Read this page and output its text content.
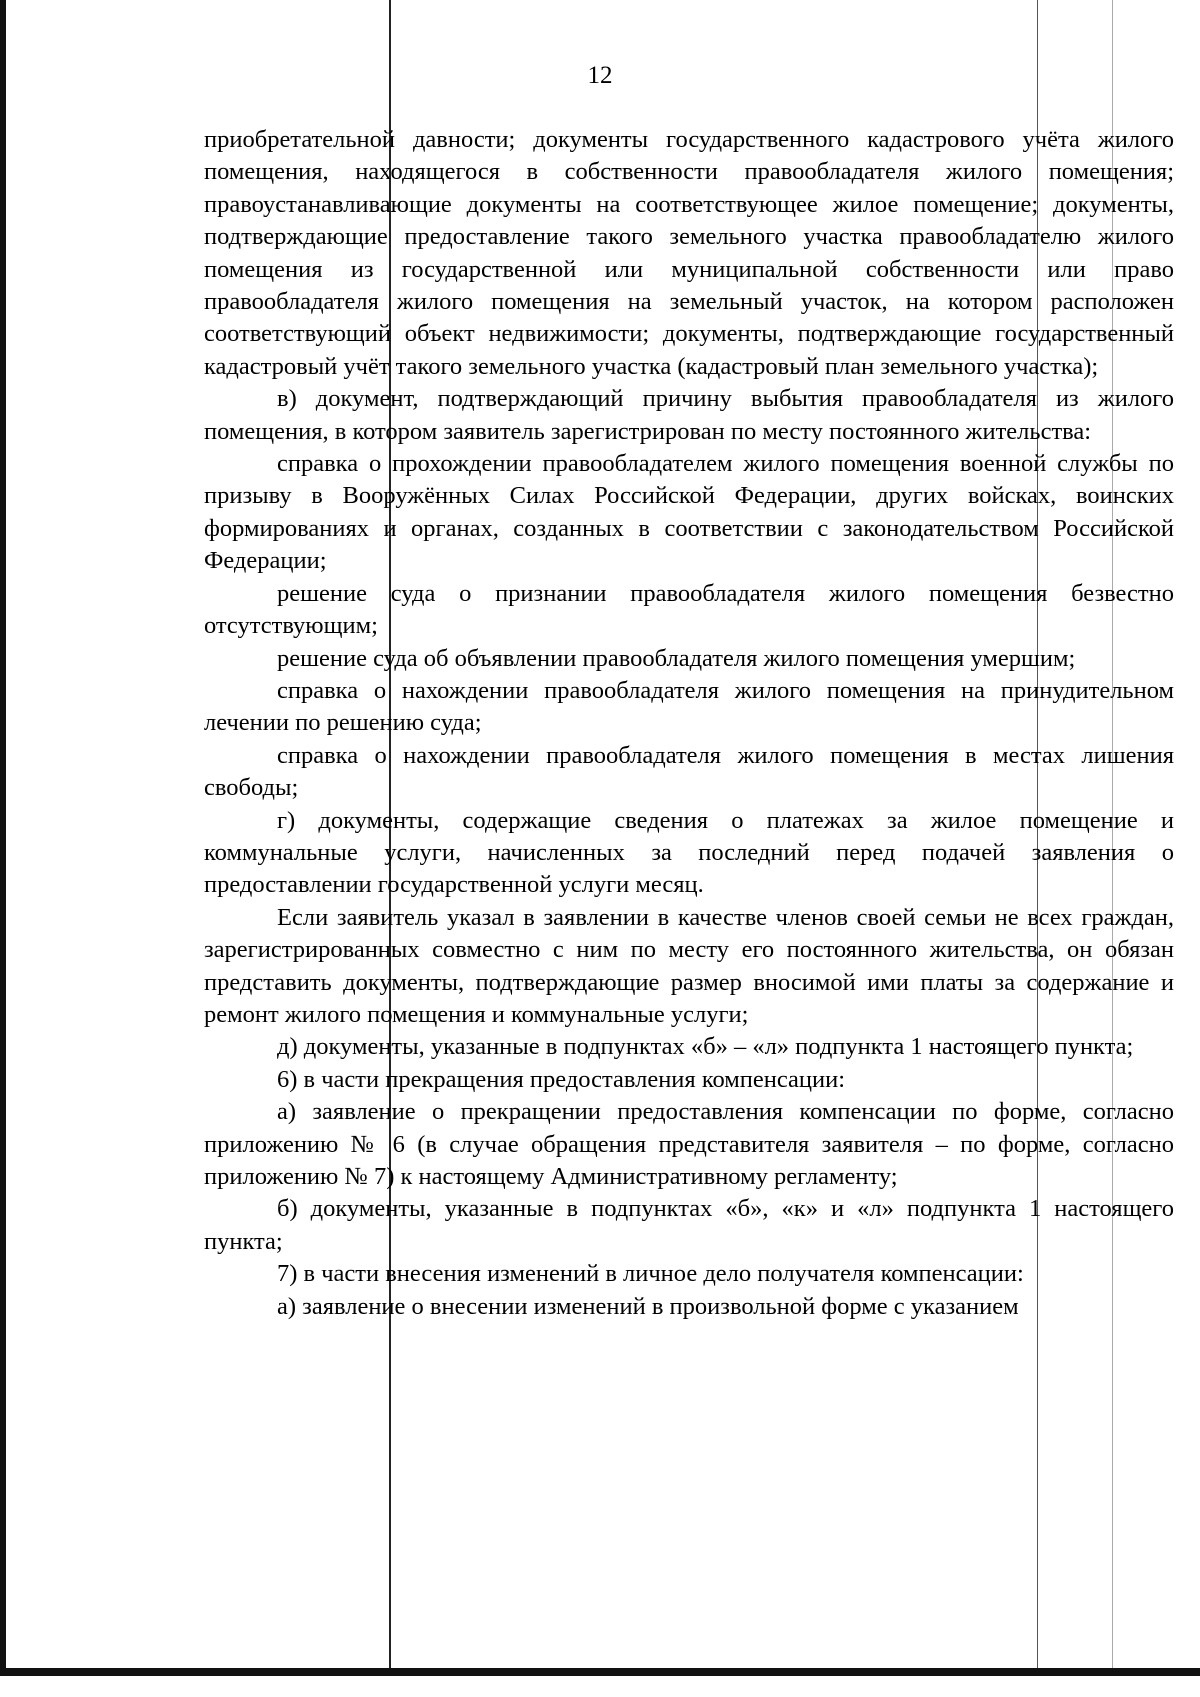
12

приобретательной давности; документы государственного кадастрового учёта жилого помещения, находящегося в собственности правообладателя жилого помещения; правоустанавливающие документы на соответствующее жилое помещение; документы, подтверждающие предоставление такого земельного участка правообладателю жилого помещения из государственной или муниципальной собственности или право правообладателя жилого помещения на земельный участок, на котором расположен соответствующий объект недвижимости; документы, подтверждающие государственный кадастровый учёт такого земельного участка (кадастровый план земельного участка);

в) документ, подтверждающий причину выбытия правообладателя из жилого помещения, в котором заявитель зарегистрирован по месту постоянного жительства:

справка о прохождении правообладателем жилого помещения военной службы по призыву в Вооружённых Силах Российской Федерации, других войсках, воинских формированиях и органах, созданных в соответствии с законодательством Российской Федерации;

решение суда о признании правообладателя жилого помещения безвестно отсутствующим;

решение суда об объявлении правообладателя жилого помещения умершим;

справка о нахождении правообладателя жилого помещения на принудительном лечении по решению суда;

справка о нахождении правообладателя жилого помещения в местах лишения свободы;

г) документы, содержащие сведения о платежах за жилое помещение и коммунальные услуги, начисленных за последний перед подачей заявления о предоставлении государственной услуги месяц.

Если заявитель указал в заявлении в качестве членов своей семьи не всех граждан, зарегистрированных совместно с ним по месту его постоянного жительства, он обязан представить документы, подтверждающие размер вносимой ими платы за содержание и ремонт жилого помещения и коммунальные услуги;

д) документы, указанные в подпунктах «б» – «л» подпункта 1 настоящего пункта;

6) в части прекращения предоставления компенсации:

а) заявление о прекращении предоставления компенсации по форме, согласно приложению № 6 (в случае обращения представителя заявителя – по форме, согласно приложению № 7) к настоящему Административному регламенту;

б) документы, указанные в подпунктах «б», «к» и «л» подпункта 1 настоящего пункта;

7) в части внесения изменений в личное дело получателя компенсации:

а) заявление о внесении изменений в произвольной форме с указанием
